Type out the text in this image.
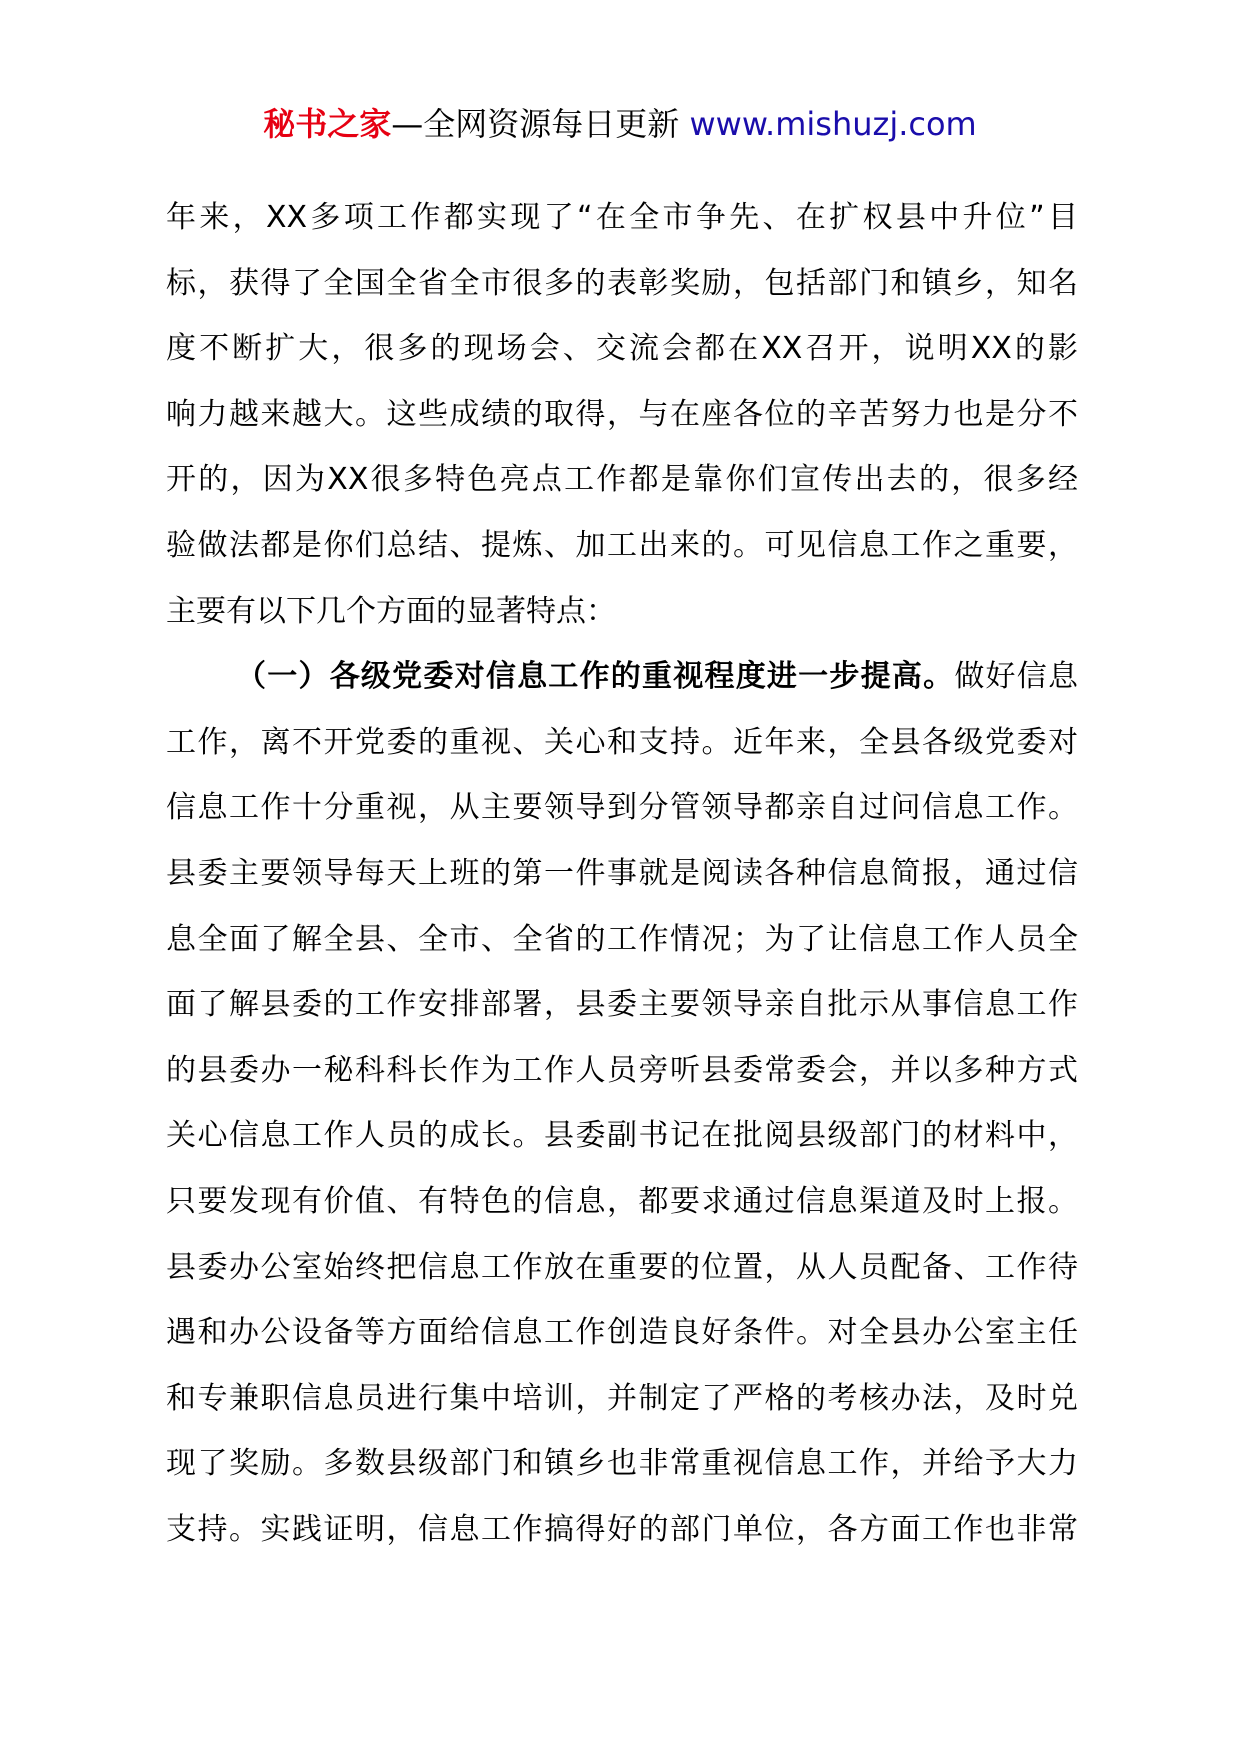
秘书之家—全网资源每日更新 www.mishuzj.com
年来，XX多项工作都实现了“在全市争先、在扩权县中升位”目
标，获得了全国全省全市很多的表彰奖励，包括部门和镇乡，知名
度不断扩大，很多的现场会、交流会都在XX召开，说明XX的影
响力越来越大。这些成绩的取得，与在座各位的辛苦努力也是分不
开的，因为XX很多特色亮点工作都是靠你们宣传出去的，很多经
验做法都是你们总结、提炼、加工出来的。可见信息工作之重要，
主要有以下几个方面的显著特点：
（一）各级党委对信息工作的重视程度进一步提高。做好信息
工作，离不开党委的重视、关心和支持。近年来，全县各级党委对
信息工作十分重视，从主要领导到分管领导都亲自过问信息工作。
县委主要领导每天上班的第一件事就是阅读各种信息简报，通过信
息全面了解全县、全市、全省的工作情况；为了让信息工作人员全
面了解县委的工作安排部署，县委主要领导亲自批示从事信息工作
的县委办一秘科科长作为工作人员旁听县委常委会，并以多种方式
关心信息工作人员的成长。县委副书记在批阅县级部门的材料中，
只要发现有价值、有特色的信息，都要求通过信息渠道及时上报。
县委办公室始终把信息工作放在重要的位置，从人员配备、工作待
遇和办公设备等方面给信息工作创造良好条件。对全县办公室主任
和专兼职信息员进行集中培训，并制定了严格的考核办法，及时兑
现了奖励。多数县级部门和镇乡也非常重视信息工作，并给予大力
支持。实践证明，信息工作搞得好的部门单位，各方面工作也非常
